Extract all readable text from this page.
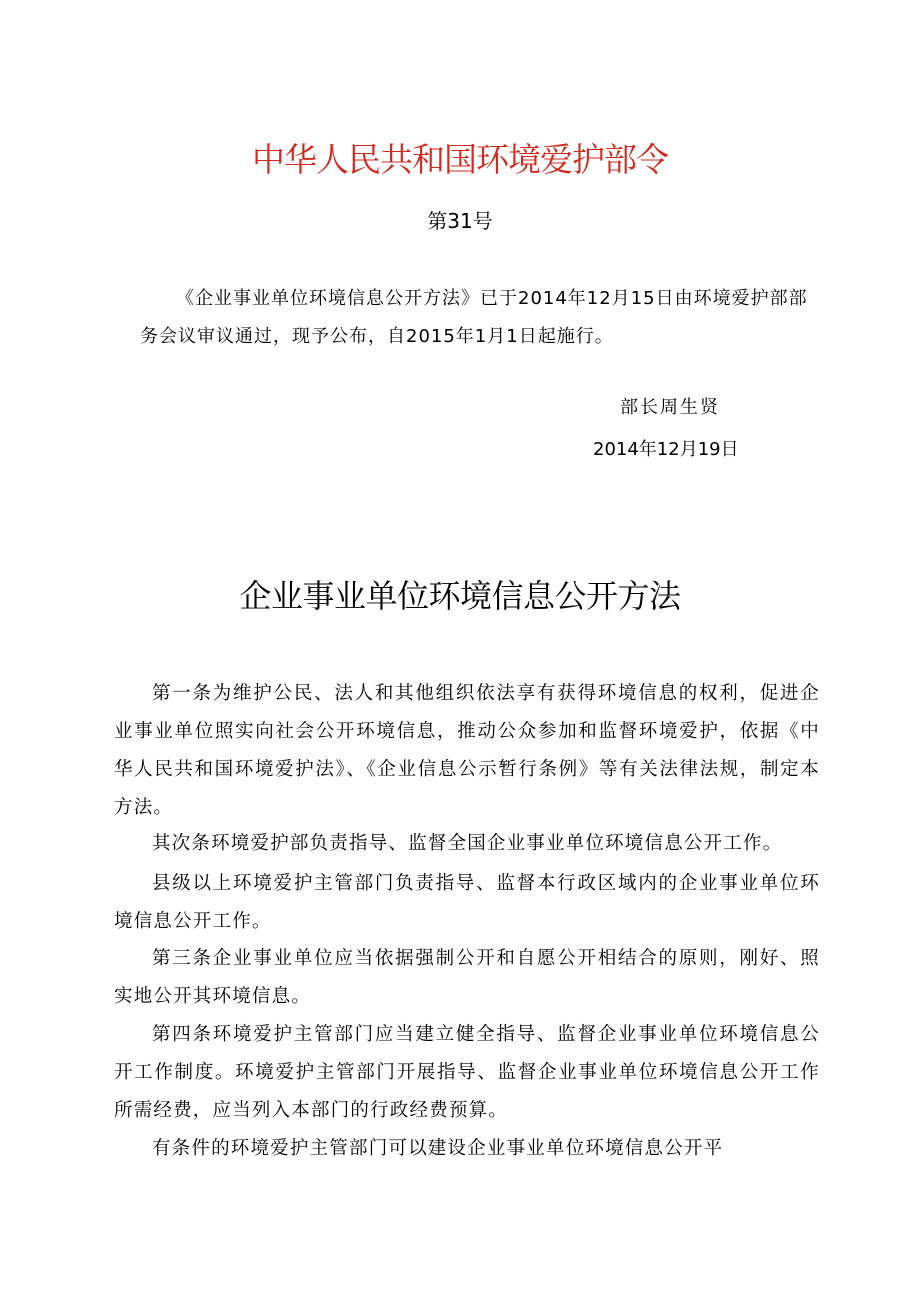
中华人民共和国环境爱护部令
第31号

《企业事业单位环境信息公开方法》已于2014年12月15日由环境爱护部部
务会议审议通过，现予公布，自2015年1月1日起施行。

部长周生贤
2014年12月19日
企业事业单位环境信息公开方法

第一条为维护公民、法人和其他组织依法享有获得环境信息的权利，促进企业事业单位照实向社会公开环境信息，推动公众参加和监督环境爱护，依据《中华人民共和国环境爱护法》、《企业信息公示暂行条例》等有关法律法规，制定本方法。

其次条环境爱护部负责指导、监督全国企业事业单位环境信息公开工作。

县级以上环境爱护主管部门负责指导、监督本行政区域内的企业事业单位环境信息公开工作。

第三条企业事业单位应当依据强制公开和自愿公开相结合的原则，刚好、照实地公开其环境信息。

第四条环境爱护主管部门应当建立健全指导、监督企业事业单位环境信息公开工作制度。环境爱护主管部门开展指导、监督企业事业单位环境信息公开工作所需经费，应当列入本部门的行政经费预算。

有条件的环境爱护主管部门可以建设企业事业单位环境信息公开平
